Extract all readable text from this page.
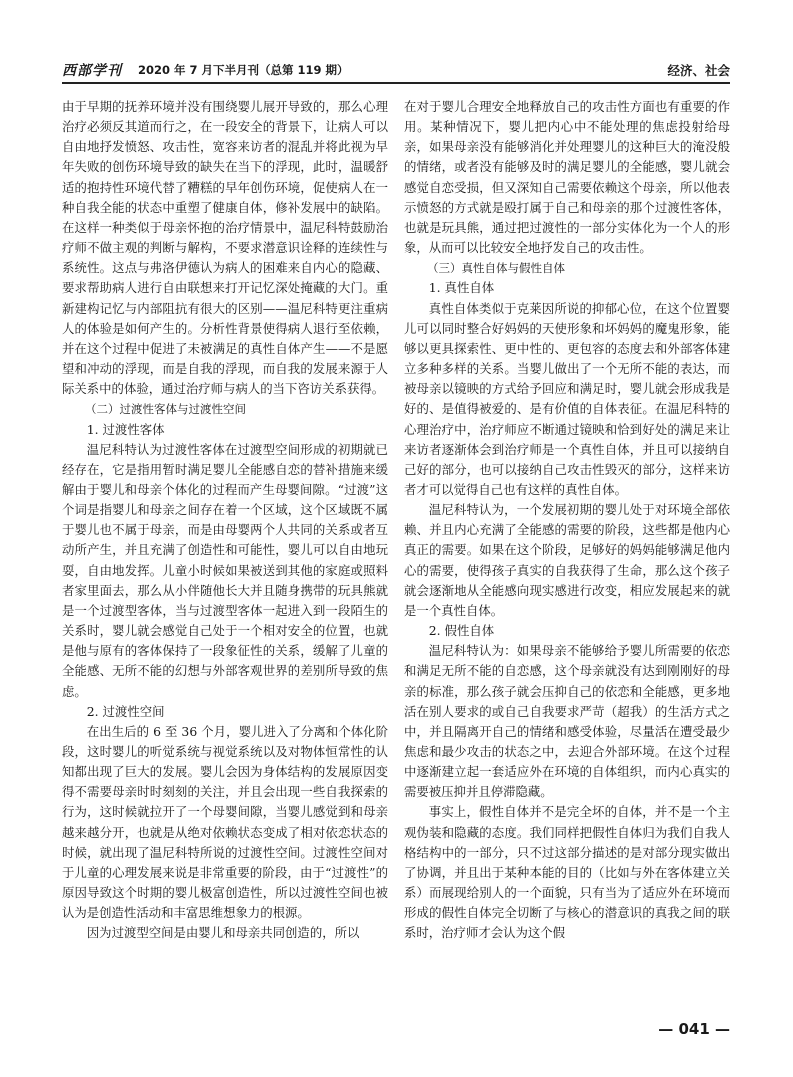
西部学刊 2020 年 7 月下半月刊（总第 119 期）	经济、社会

由于早期的抚养环境并没有围绕婴儿展开导致的，那么心理治疗必须反其道而行之，在一段安全的背景下，让病人可以自由地抒发愤怒、攻击性，宽容来访者的混乱并将此视为早年失败的创伤环境导致的缺失在当下的浮现，此时，温暖舒适的抱持性环境代替了糟糕的早年创伤环境，促使病人在一种自我全能的状态中重塑了健康自体，修补发展中的缺陷。在这样一种类似于母亲怀抱的治疗情景中，温尼科特鼓励治疗师不做主观的判断与解构，不要求潜意识诠释的连续性与系统性。这点与弗洛伊德认为病人的困难来自内心的隐藏、要求帮助病人进行自由联想来打开记忆深处掩藏的大门。重新建构记忆与内部阻抗有很大的区别——温尼科特更注重病人的体验是如何产生的。分析性背景使得病人退行至依赖，并在这个过程中促进了未被满足的真性自体产生——不是愿望和冲动的浮现，而是自我的浮现，而自我的发展来源于人际关系中的体验，通过治疗师与病人的当下咨访关系获得。

（二）过渡性客体与过渡性空间

1. 过渡性客体

温尼科特认为过渡性客体在过渡型空间形成的初期就已经存在，它是指用暂时满足婴儿全能感自恋的替补措施来缓解由于婴儿和母亲个体化的过程而产生母婴间隙。“过渡”这个词是指婴儿和母亲之间存在着一个区域，这个区域既不属于婴儿也不属于母亲，而是由母婴两个人共同的关系或者互动所产生，并且充满了创造性和可能性，婴儿可以自由地玩耍，自由地发挥。儿童小时候如果被送到其他的家庭或照料者家里面去，那么从小伴随他长大并且随身携带的玩具熊就是一个过渡型客体，当与过渡型客体一起进入到一段陌生的关系时，婴儿就会感觉自己处于一个相对安全的位置，也就是他与原有的客体保持了一段象征性的关系，缓解了儿童的全能感、无所不能的幻想与外部客观世界的差别所导致的焦虑。

2. 过渡性空间

在出生后的 6 至 36 个月，婴儿进入了分离和个体化阶段，这时婴儿的听觉系统与视觉系统以及对物体恒常性的认知都出现了巨大的发展。婴儿会因为身体结构的发展原因变得不需要母亲时时刻刻的关注，并且会出现一些自我探索的行为，这时候就拉开了一个母婴间隙，当婴儿感觉到和母亲越来越分开，也就是从绝对依赖状态变成了相对依恋状态的时候，就出现了温尼科特所说的过渡性空间。过渡性空间对于儿童的心理发展来说是非常重要的阶段，由于“过渡性”的原因导致这个时期的婴儿极富创造性，所以过渡性空间也被认为是创造性活动和丰富思维想象力的根源。

因为过渡型空间是由婴儿和母亲共同创造的，所以

在对于婴儿合理安全地释放自己的攻击性方面也有重要的作用。某种情况下，婴儿把内心中不能处理的焦虑投射给母亲，如果母亲没有能够消化并处理婴儿的这种巨大的淹没般的情绪，或者没有能够及时的满足婴儿的全能感，婴儿就会感觉自恋受损，但又深知自己需要依赖这个母亲，所以他表示愤怒的方式就是殴打属于自己和母亲的那个过渡性客体，也就是玩具熊，通过把过渡性的一部分实体化为一个人的形象，从而可以比较安全地抒发自己的攻击性。

（三）真性自体与假性自体

1. 真性自体

真性自体类似于克莱因所说的抑郁心位，在这个位置婴儿可以同时整合好妈妈的天使形象和坏妈妈的魔鬼形象，能够以更具探索性、更中性的、更包容的态度去和外部客体建立多种多样的关系。当婴儿做出了一个无所不能的表达，而被母亲以镜映的方式给予回应和满足时，婴儿就会形成我是好的、是值得被爱的、是有价值的自体表征。在温尼科特的心理治疗中，治疗师应不断通过镜映和恰到好处的满足来让来访者逐渐体会到治疗师是一个真性自体，并且可以接纳自己好的部分，也可以接纳自己攻击性毁灭的部分，这样来访者才可以觉得自己也有这样的真性自体。

温尼科特认为，一个发展初期的婴儿处于对环境全部依赖、并且内心充满了全能感的需要的阶段，这些都是他内心真正的需要。如果在这个阶段，足够好的妈妈能够满足他内心的需要，使得孩子真实的自我获得了生命，那么这个孩子就会逐渐地从全能感向现实感进行改变，相应发展起来的就是一个真性自体。

2. 假性自体

温尼科特认为：如果母亲不能够给予婴儿所需要的依恋和满足无所不能的自恋感，这个母亲就没有达到刚刚好的母亲的标准，那么孩子就会压抑自己的依恋和全能感，更多地活在别人要求的或自己自我要求严苛（超我）的生活方式之中，并且隔离开自己的情绪和感受体验，尽量活在遭受最少焦虑和最少攻击的状态之中，去迎合外部环境。在这个过程中逐渐建立起一套适应外在环境的自体组织，而内心真实的需要被压抑并且停滞隐藏。

事实上，假性自体并不是完全坏的自体，并不是一个主观伪装和隐藏的态度。我们同样把假性自体归为我们自我人格结构中的一部分，只不过这部分描述的是对部分现实做出了协调，并且出于某种本能的目的（比如与外在客体建立关系）而展现给别人的一个面貌，只有当为了适应外在环境而形成的假性自体完全切断了与核心的潜意识的真我之间的联系时，治疗师才会认为这个假

— 041 —
